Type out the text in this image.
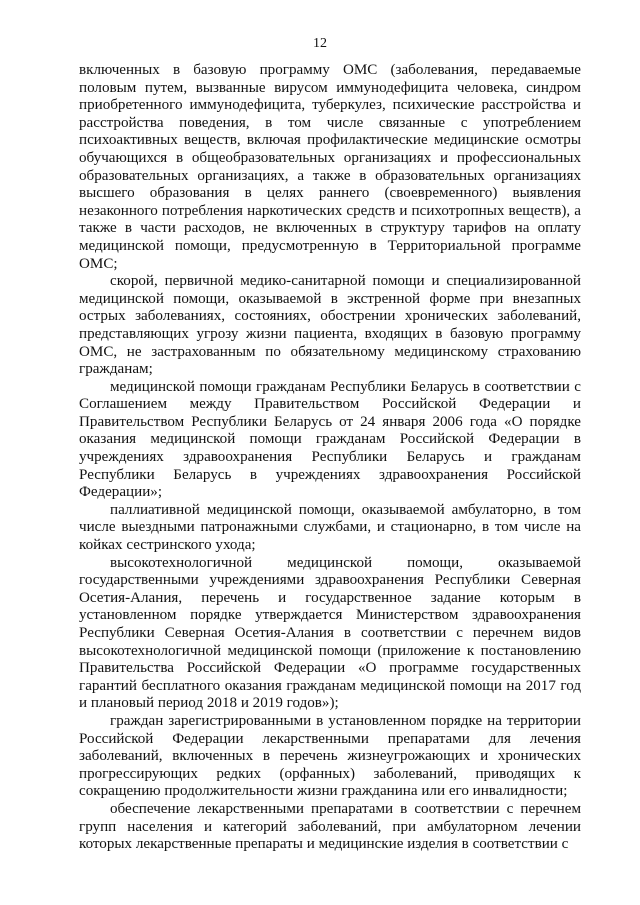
12

включенных в базовую программу ОМС (заболевания, передаваемые половым путем, вызванные вирусом иммунодефицита человека, синдром приобретенного иммунодефицита, туберкулез, психические расстройства и расстройства поведения, в том числе связанные с употреблением психоактивных веществ, включая профилактические медицинские осмотры обучающихся в общеобразовательных организациях и профессиональных образовательных организациях, а также в образовательных организациях высшего образования в целях раннего (своевременного) выявления незаконного потребления наркотических средств и психотропных веществ), а также в части расходов, не включенных в структуру тарифов на оплату медицинской помощи, предусмотренную в Территориальной программе ОМС;

скорой, первичной медико-санитарной помощи и специализированной медицинской помощи, оказываемой в экстренной форме при внезапных острых заболеваниях, состояниях, обострении хронических заболеваний, представляющих угрозу жизни пациента, входящих в базовую программу ОМС, не застрахованным по обязательному медицинскому страхованию гражданам;

медицинской помощи гражданам Республики Беларусь в соответствии с Соглашением между Правительством Российской Федерации и Правительством Республики Беларусь от 24 января 2006 года «О порядке оказания медицинской помощи гражданам Российской Федерации в учреждениях здравоохранения Республики Беларусь и гражданам Республики Беларусь в учреждениях здравоохранения Российской Федерации»;

паллиативной медицинской помощи, оказываемой амбулаторно, в том числе выездными патронажными службами, и стационарно, в том числе на койках сестринского ухода;

высокотехнологичной медицинской помощи, оказываемой государственными учреждениями здравоохранения Республики Северная Осетия-Алания, перечень и государственное задание которым в установленном порядке утверждается Министерством здравоохранения Республики Северная Осетия-Алания в соответствии с перечнем видов высокотехнологичной медицинской помощи (приложение к постановлению Правительства Российской Федерации «О программе государственных гарантий бесплатного оказания гражданам медицинской помощи на 2017 год и плановый период 2018 и 2019 годов»);

граждан зарегистрированными в установленном порядке на территории Российской Федерации лекарственными препаратами для лечения заболеваний, включенных в перечень жизнеугрожающих и хронических прогрессирующих редких (орфанных) заболеваний, приводящих к сокращению продолжительности жизни гражданина или его инвалидности;

обеспечение лекарственными препаратами в соответствии с перечнем групп населения и категорий заболеваний, при амбулаторном лечении которых лекарственные препараты и медицинские изделия в соответствии с
